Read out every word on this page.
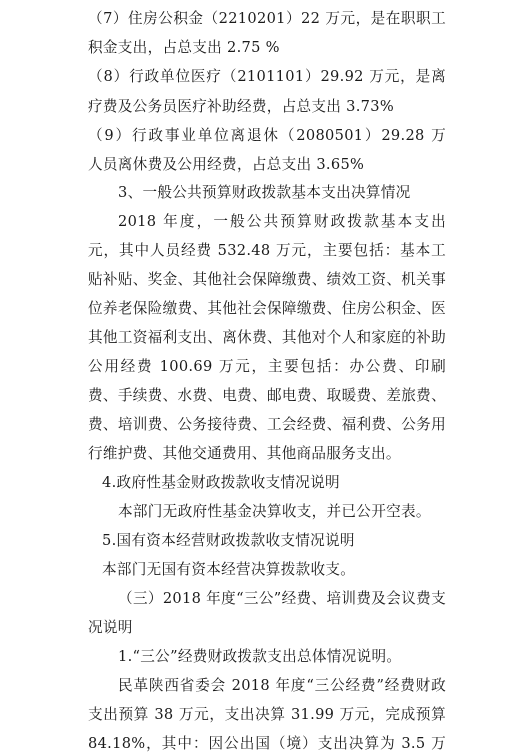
（7）住房公积金（2210201）22 万元，是在职职工
积金支出，占总支出 2.75 %
（8）行政单位医疗（2101101）29.92 万元，是离
疗费及公务员医疗补助经费，占总支出 3.73%
（9）行政事业单位离退休（2080501）29.28 万
人员离休费及公用经费，占总支出 3.65%
3、一般公共预算财政拨款基本支出决算情况
2018 年度，一般公共预算财政拨款基本支出
元，其中人员经费 532.48 万元，主要包括：基本工
贴补贴、奖金、其他社会保障缴费、绩效工资、机关事
位养老保险缴费、其他社会保障缴费、住房公积金、医
其他工资福利支出、离休费、其他对个人和家庭的补助
公用经费 100.69 万元，主要包括：办公费、印刷
费、手续费、水费、电费、邮电费、取暖费、差旅费、
费、培训费、公务接待费、工会经费、福利费、公务用
行维护费、其他交通费用、其他商品服务支出。
4.政府性基金财政拨款收支情况说明
本部门无政府性基金决算收支，并已公开空表。
5.国有资本经营财政拨款收支情况说明
本部门无国有资本经营决算拨款收支。
（三）2018 年度“三公”经费、培训费及会议费支
况说明
1.“三公”经费财政拨款支出总体情况说明。
民革陕西省委会 2018 年度“三公经费”经费财政
支出预算 38 万元，支出决算 31.99 万元，完成预算
84.18%，其中：因公出国（境）支出决算为 3.5 万
